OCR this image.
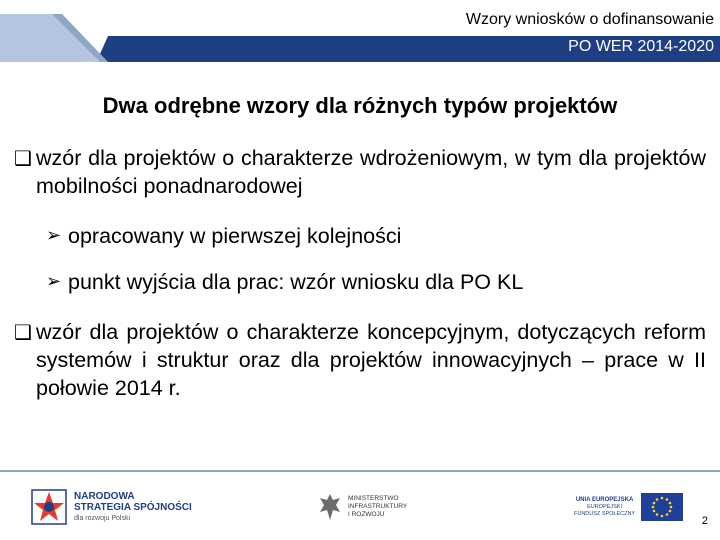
Wzory wniosków o dofinansowanie
PO WER 2014-2020
Dwa odrębne wzory dla różnych typów projektów
❑ wzór dla projektów o charakterze wdrożeniowym, w tym dla projektów mobilności ponadnarodowej
➢ opracowany w pierwszej kolejności
➢ punkt wyjścia dla prac: wzór wniosku dla PO KL
❑ wzór dla projektów o charakterze koncepcyjnym, dotyczących reform systemów i struktur oraz dla projektów innowacyjnych – prace w II połowie 2014 r.
NARODOWA
STRATEGIA SPÓJNOŚCI
dla rozwoju Polski
MINISTERSTWO
INFRASTRUKTURY
I ROZWOJU
UNIA EUROPEJSKA
EUROPEJSKI
FUNDUSZ SPOŁECZNY
2
